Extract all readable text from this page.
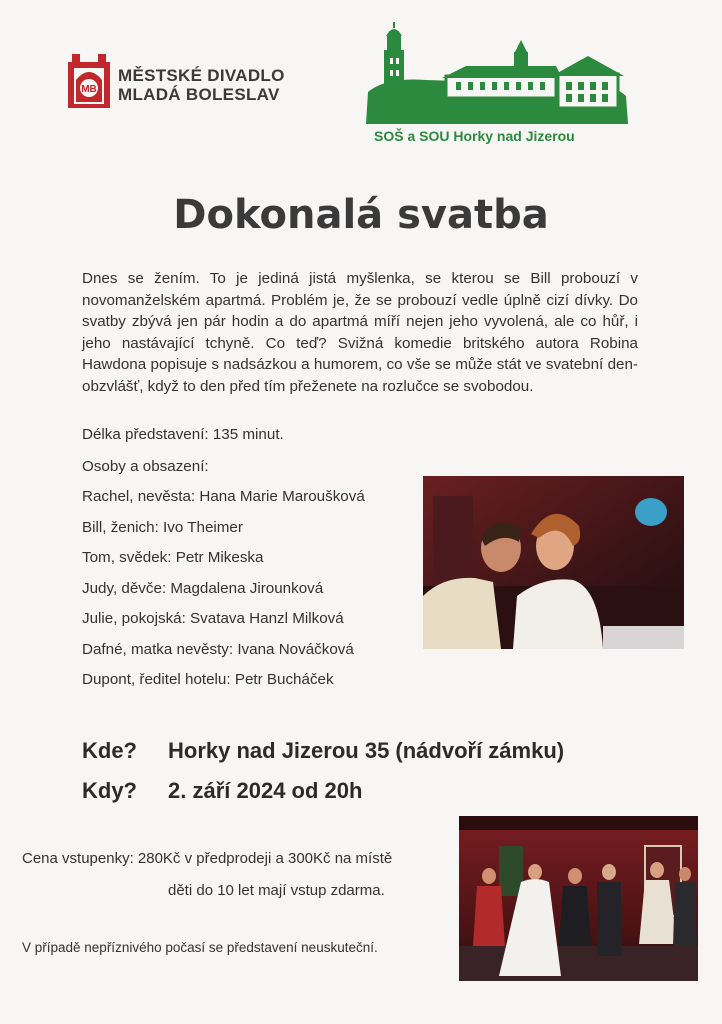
MB
MĚSTSKÉ DIVADLO
MLADÁ BOLESLAV
SOŠ a SOU Horky nad Jizerou
Dokonalá svatba

Dnes se žením. To je jediná jistá myšlenka, se kterou se Bill probouzí v novomanželském apartmá. Problém je, že se probouzí vedle úplně cizí dívky. Do svatby zbývá jen pár hodin a do apartmá míří nejen jeho vyvolená, ale co hůř, i jeho nastávající tchyně. Co teď? Svižná komedie britského autora Robina Hawdona popisuje s nadsázkou a humorem, co vše se může stát ve svatební den-obzvlášť, když to den před tím přeženete na rozlučce se svobodou.

Délka představení: 135 minut.
Osoby a obsazení:
Rachel, nevěsta: Hana Marie Maroušková
Bill, ženich: Ivo Theimer
Tom, svědek: Petr Mikeska
Judy, děvče: Magdalena Jirounková
Julie, pokojská: Svatava Hanzl Milková
Dafné, matka nevěsty: Ivana Nováčková
Dupont, ředitel hotelu: Petr Bucháček
Kde? Horky nad Jizerou 35 (nádvoří zámku)
Kdy? 2. září 2024 od 20h
Cena vstupenky: 280Kč v předprodeji a 300Kč na místě
děti do 10 let mají vstup zdarma.
V případě nepříznivého počasí se představení neuskuteční.
